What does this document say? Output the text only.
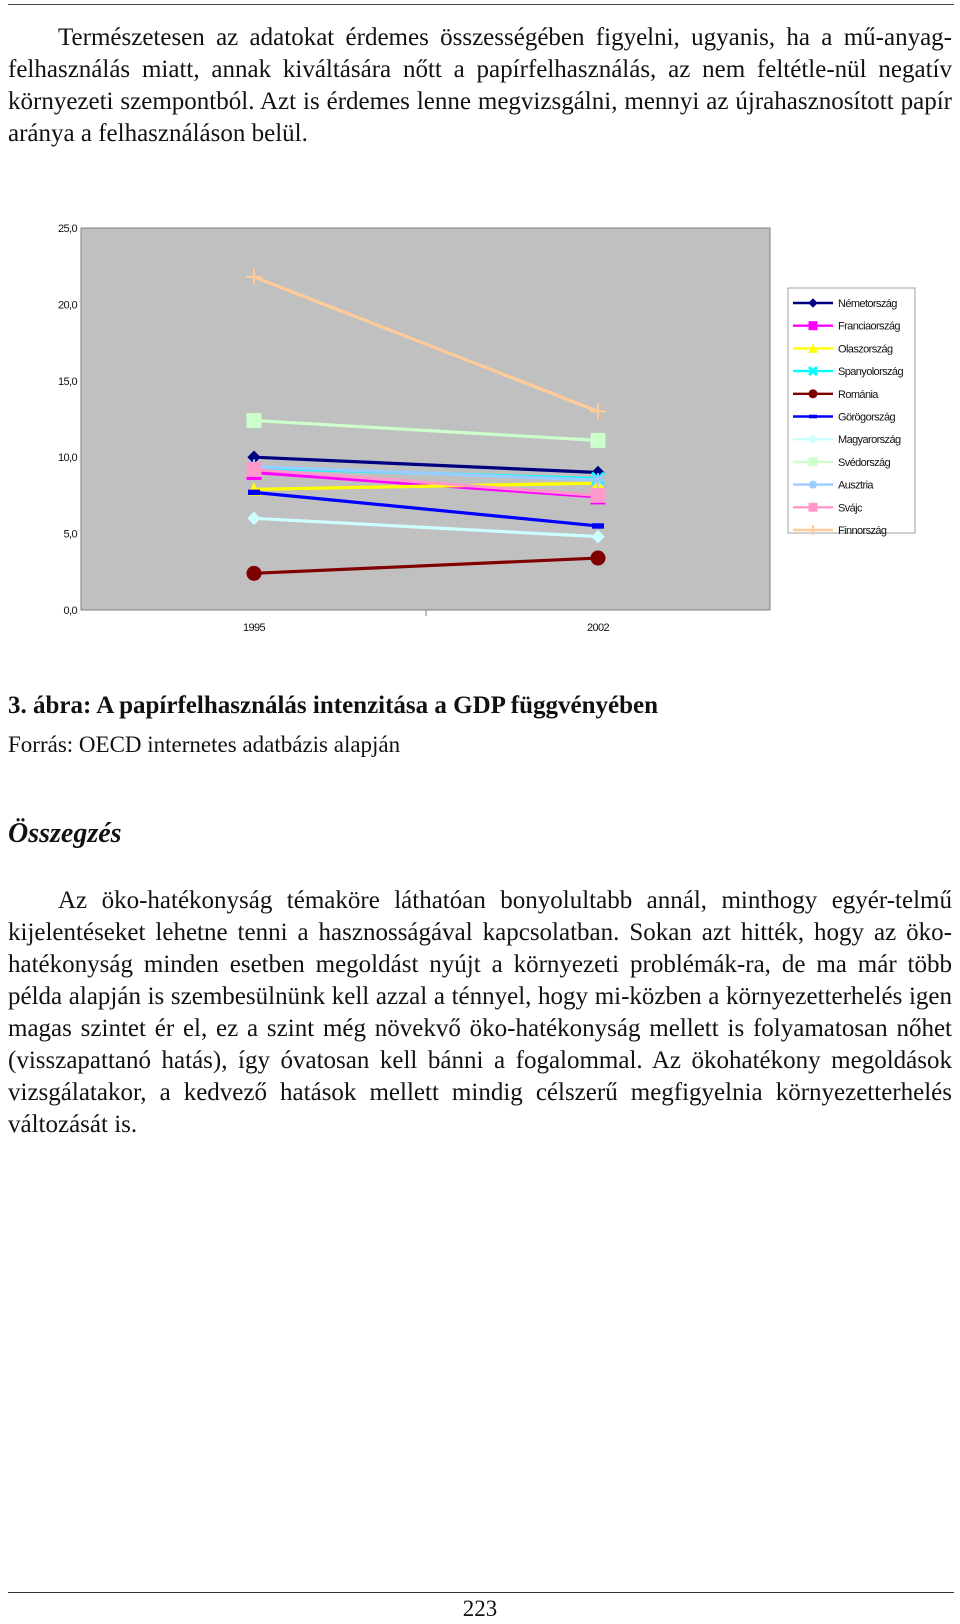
Természetesen az adatokat érdemes összességében figyelni, ugyanis, ha a mű-anyag-felhasználás miatt, annak kiváltására nőtt a papírfelhasználás, az nem feltétle-nül negatív környezeti szempontból. Azt is érdemes lenne megvizsgálni, mennyi az újrahasznosított papír aránya a felhasználáson belül.

0,0
5,0
10,0
15,0
20,0
25,0
1995	2002
Németország
Franciaország
Olaszország
Spanyolország
Románia
Görögország
Magyarország
Svédország
Ausztria
Svájc
Finnország

3. ábra: A papírfelhasználás intenzitása a GDP függvényében

Forrás: OECD internetes adatbázis alapján

Összegzés

Az öko-hatékonyság témaköre láthatóan bonyolultabb annál, minthogy egyér-telmű kijelentéseket lehetne tenni a hasznosságával kapcsolatban. Sokan azt hitték, hogy az öko-hatékonyság minden esetben megoldást nyújt a környezeti problémák-ra, de ma már több példa alapján is szembesülnünk kell azzal a ténnyel, hogy mi-közben a környezetterhelés igen magas szintet ér el, ez a szint még növekvő öko-hatékonyság mellett is folyamatosan nőhet (visszapattanó hatás), így óvatosan kell bánni a fogalommal. Az ökohatékony megoldások vizsgálatakor, a kedvező hatások mellett mindig célszerű megfigyelnia környezetterhelés változását is.

223
